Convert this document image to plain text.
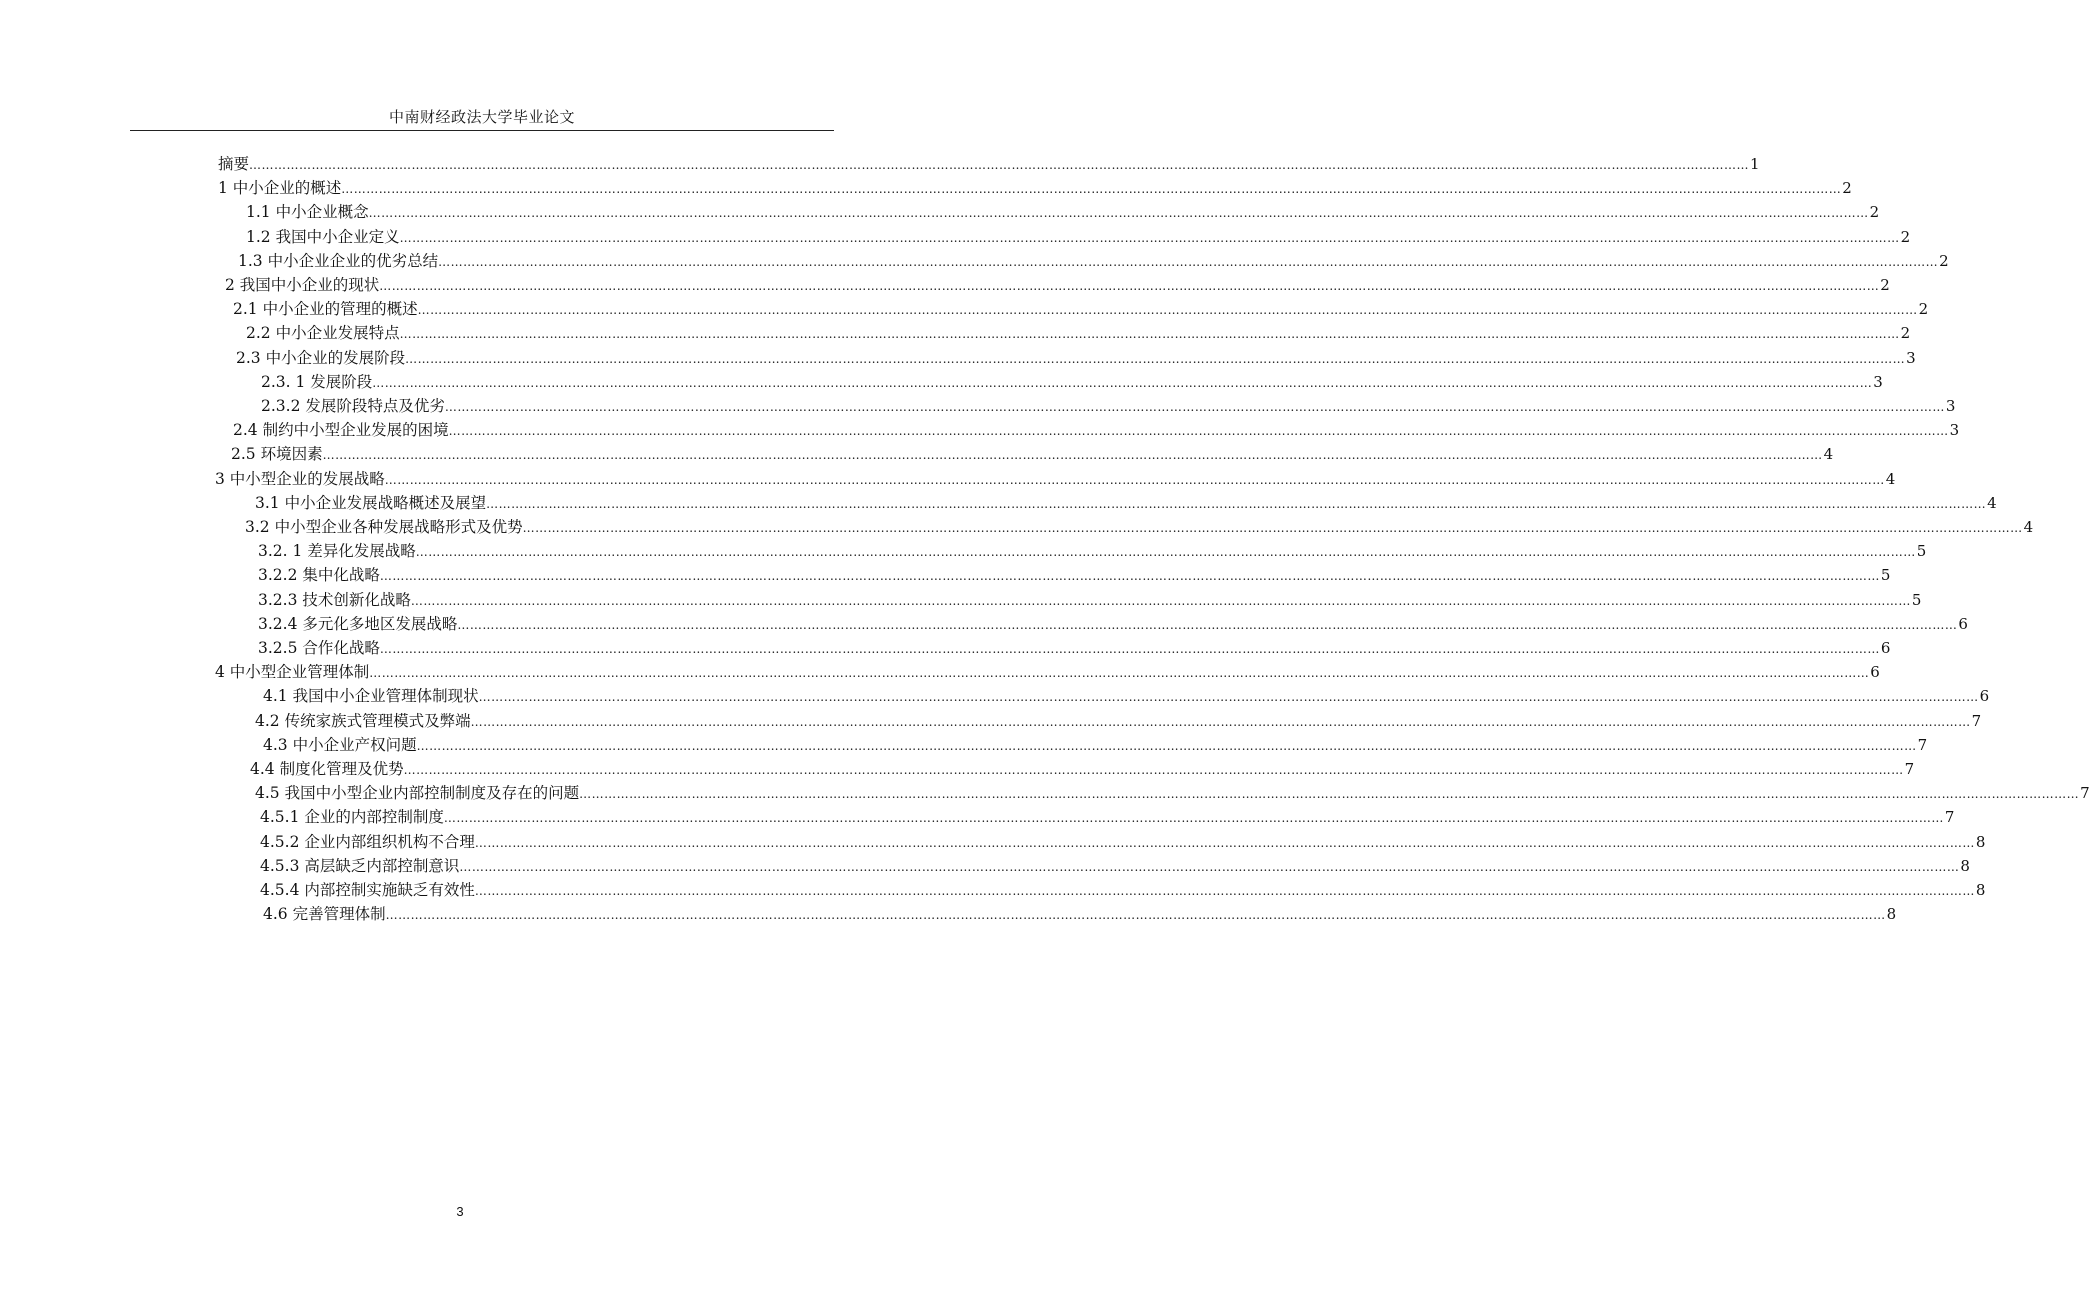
中南财经政法大学毕业论文
摘要 ……………………………………………………………………………………………………………………………………………………………………………………………………………………………………………………………………………………………………………………………… 1
1 中小企业的概述 ……………………………………………………………………………………………………………………………………………………………………………………………………………………………………………………………………………………………………………………………… 2
1.1 中小企业概念 ……………………………………………………………………………………………………………………………………………………………………………………………………………………………………………………………………………………………………………………………… 2
1.2 我国中小企业定义 ……………………………………………………………………………………………………………………………………………………………………………………………………………………………………………………………………………………………………………………………… 2
1.3 中小企业企业的优劣总结 ……………………………………………………………………………………………………………………………………………………………………………………………………………………………………………………………………………………………………………………………… 2
2 我国中小企业的现状 ……………………………………………………………………………………………………………………………………………………………………………………………………………………………………………………………………………………………………………………………… 2
2.1 中小企业的管理的概述 ……………………………………………………………………………………………………………………………………………………………………………………………………………………………………………………………………………………………………………………………… 2
2.2 中小企业发展特点 ……………………………………………………………………………………………………………………………………………………………………………………………………………………………………………………………………………………………………………………………… 2
2.3 中小企业的发展阶段 ……………………………………………………………………………………………………………………………………………………………………………………………………………………………………………………………………………………………………………………………… 3
2.3. 1 发展阶段 ……………………………………………………………………………………………………………………………………………………………………………………………………………………………………………………………………………………………………………………………… 3
2.3.2 发展阶段特点及优劣 ……………………………………………………………………………………………………………………………………………………………………………………………………………………………………………………………………………………………………………………………… 3
2.4 制约中小型企业发展的困境 ……………………………………………………………………………………………………………………………………………………………………………………………………………………………………………………………………………………………………………………………… 3
2.5 环境因素 ……………………………………………………………………………………………………………………………………………………………………………………………………………………………………………………………………………………………………………………………… 4
3 中小型企业的发展战略 ……………………………………………………………………………………………………………………………………………………………………………………………………………………………………………………………………………………………………………………………… 4
3.1 中小企业发展战略概述及展望 ……………………………………………………………………………………………………………………………………………………………………………………………………………………………………………………………………………………………………………………………… 4
3.2 中小型企业各种发展战略形式及优势 ……………………………………………………………………………………………………………………………………………………………………………………………………………………………………………………………………………………………………………………………… 4
3.2. 1 差异化发展战略 ……………………………………………………………………………………………………………………………………………………………………………………………………………………………………………………………………………………………………………………………… 5
3.2.2 集中化战略 ……………………………………………………………………………………………………………………………………………………………………………………………………………………………………………………………………………………………………………………………… 5
3.2.3 技术创新化战略 ……………………………………………………………………………………………………………………………………………………………………………………………………………………………………………………………………………………………………………………………… 5
3.2.4 多元化多地区发展战略 ……………………………………………………………………………………………………………………………………………………………………………………………………………………………………………………………………………………………………………………………… 6
3.2.5 合作化战略 ……………………………………………………………………………………………………………………………………………………………………………………………………………………………………………………………………………………………………………………………… 6
4 中小型企业管理体制 ……………………………………………………………………………………………………………………………………………………………………………………………………………………………………………………………………………………………………………………………… 6
4.1 我国中小企业管理体制现状 ……………………………………………………………………………………………………………………………………………………………………………………………………………………………………………………………………………………………………………………………… 6
4.2 传统家族式管理模式及弊端 ……………………………………………………………………………………………………………………………………………………………………………………………………………………………………………………………………………………………………………………………… 7
4.3 中小企业产权问题 ……………………………………………………………………………………………………………………………………………………………………………………………………………………………………………………………………………………………………………………………… 7
4.4 制度化管理及优势 ……………………………………………………………………………………………………………………………………………………………………………………………………………………………………………………………………………………………………………………………… 7
4.5 我国中小型企业内部控制制度及存在的问题 ……………………………………………………………………………………………………………………………………………………………………………………………………………………………………………………………………………………………………………………………… 7
4.5.1 企业的内部控制制度 ……………………………………………………………………………………………………………………………………………………………………………………………………………………………………………………………………………………………………………………………… 7
4.5.2 企业内部组织机构不合理 ……………………………………………………………………………………………………………………………………………………………………………………………………………………………………………………………………………………………………………………………… 8
4.5.3 高层缺乏内部控制意识 ……………………………………………………………………………………………………………………………………………………………………………………………………………………………………………………………………………………………………………………………… 8
4.5.4 内部控制实施缺乏有效性 ……………………………………………………………………………………………………………………………………………………………………………………………………………………………………………………………………………………………………………………………… 8
4.6 完善管理体制 ……………………………………………………………………………………………………………………………………………………………………………………………………………………………………………………………………………………………………………………………… 8
3
